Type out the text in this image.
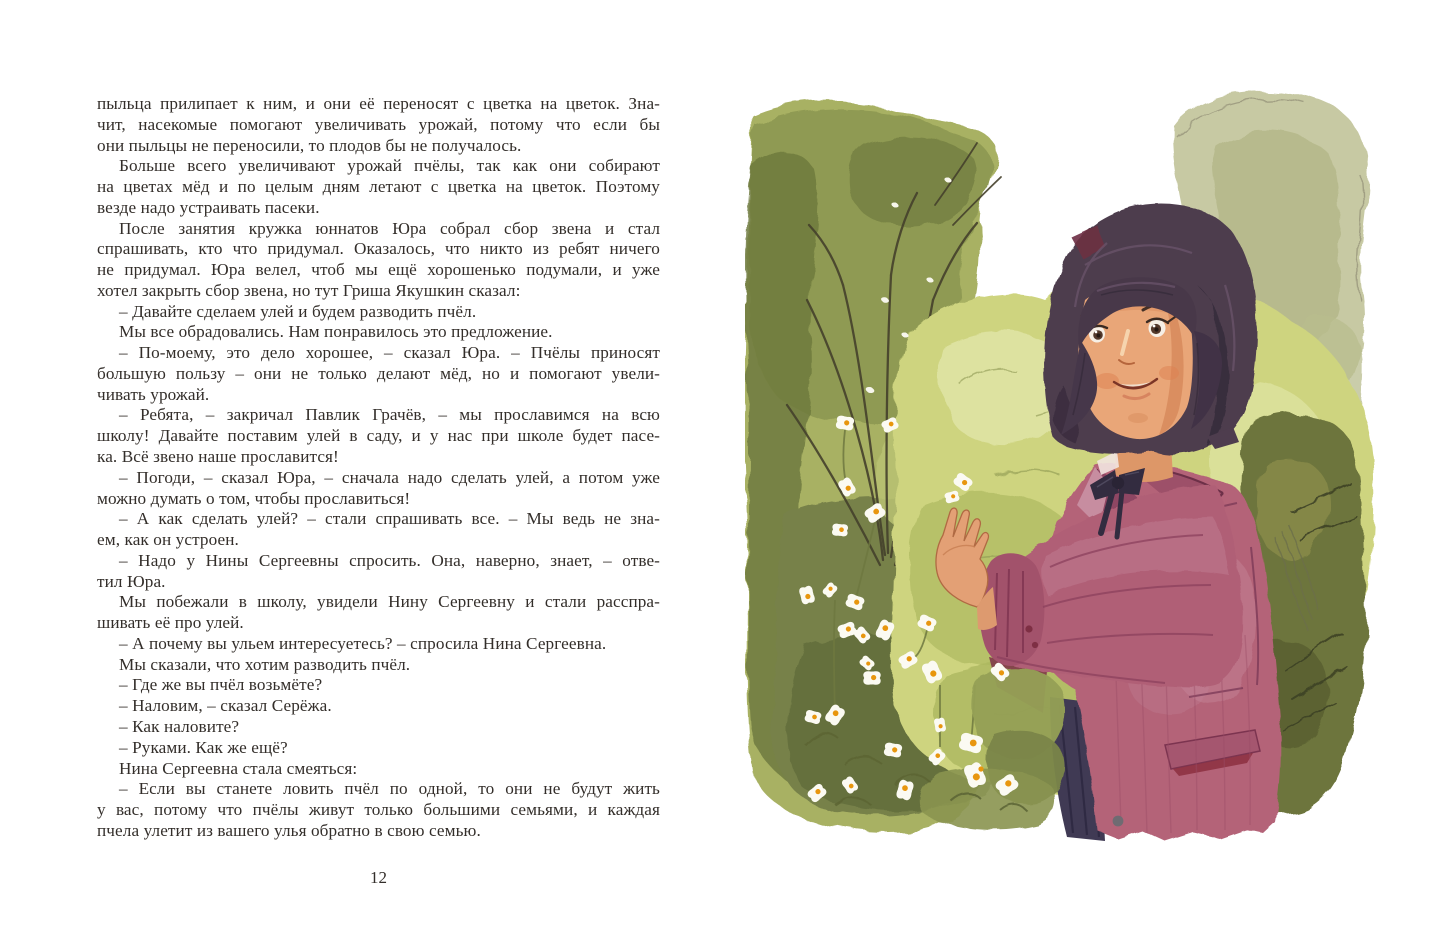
пыльца прилипает к ним, и они её переносят с цветка на цветок. Зна-
чит, насекомые помогают увеличивать урожай, потому что если бы
они пыльцы не переносили, то плодов бы не получалось.
Больше всего увеличивают урожай пчёлы, так как они собирают
на цветах мёд и по целым дням летают с цветка на цветок. Поэтому
везде надо устраивать пасеки.
После занятия кружка юннатов Юра собрал сбор звена и стал
спрашивать, кто что придумал. Оказалось, что никто из ребят ничего
не придумал. Юра велел, чтоб мы ещё хорошенько подумали, и уже
хотел закрыть сбор звена, но тут Гриша Якушкин сказал:
– Давайте сделаем улей и будем разводить пчёл.
Мы все обрадовались. Нам понравилось это предложение.
– По-моему, это дело хорошее, – сказал Юра. – Пчёлы приносят
большую пользу – они не только делают мёд, но и помогают увели-
чивать урожай.
– Ребята, – закричал Павлик Грачёв, – мы прославимся на всю
школу! Давайте поставим улей в саду, и у нас при школе будет пасе-
ка. Всё звено наше прославится!
– Погоди, – сказал Юра, – сначала надо сделать улей, а потом уже
можно думать о том, чтобы прославиться!
– А как сделать улей? – стали спрашивать все. – Мы ведь не зна-
ем, как он устроен.
– Надо у Нины Сергеевны спросить. Она, наверно, знает, – отве-
тил Юра.
Мы побежали в школу, увидели Нину Сергеевну и стали расспра-
шивать её про улей.
– А почему вы ульем интересуетесь? – спросила Нина Сергеевна.
Мы сказали, что хотим разводить пчёл.
– Где же вы пчёл возьмёте?
– Наловим, – сказал Серёжа.
– Как наловите?
– Руками. Как же ещё?
Нина Сергеевна стала смеяться:
– Если вы станете ловить пчёл по одной, то они не будут жить
у вас, потому что пчёлы живут только большими семьями, и каждая
пчела улетит из вашего улья обратно в свою семью.
12
